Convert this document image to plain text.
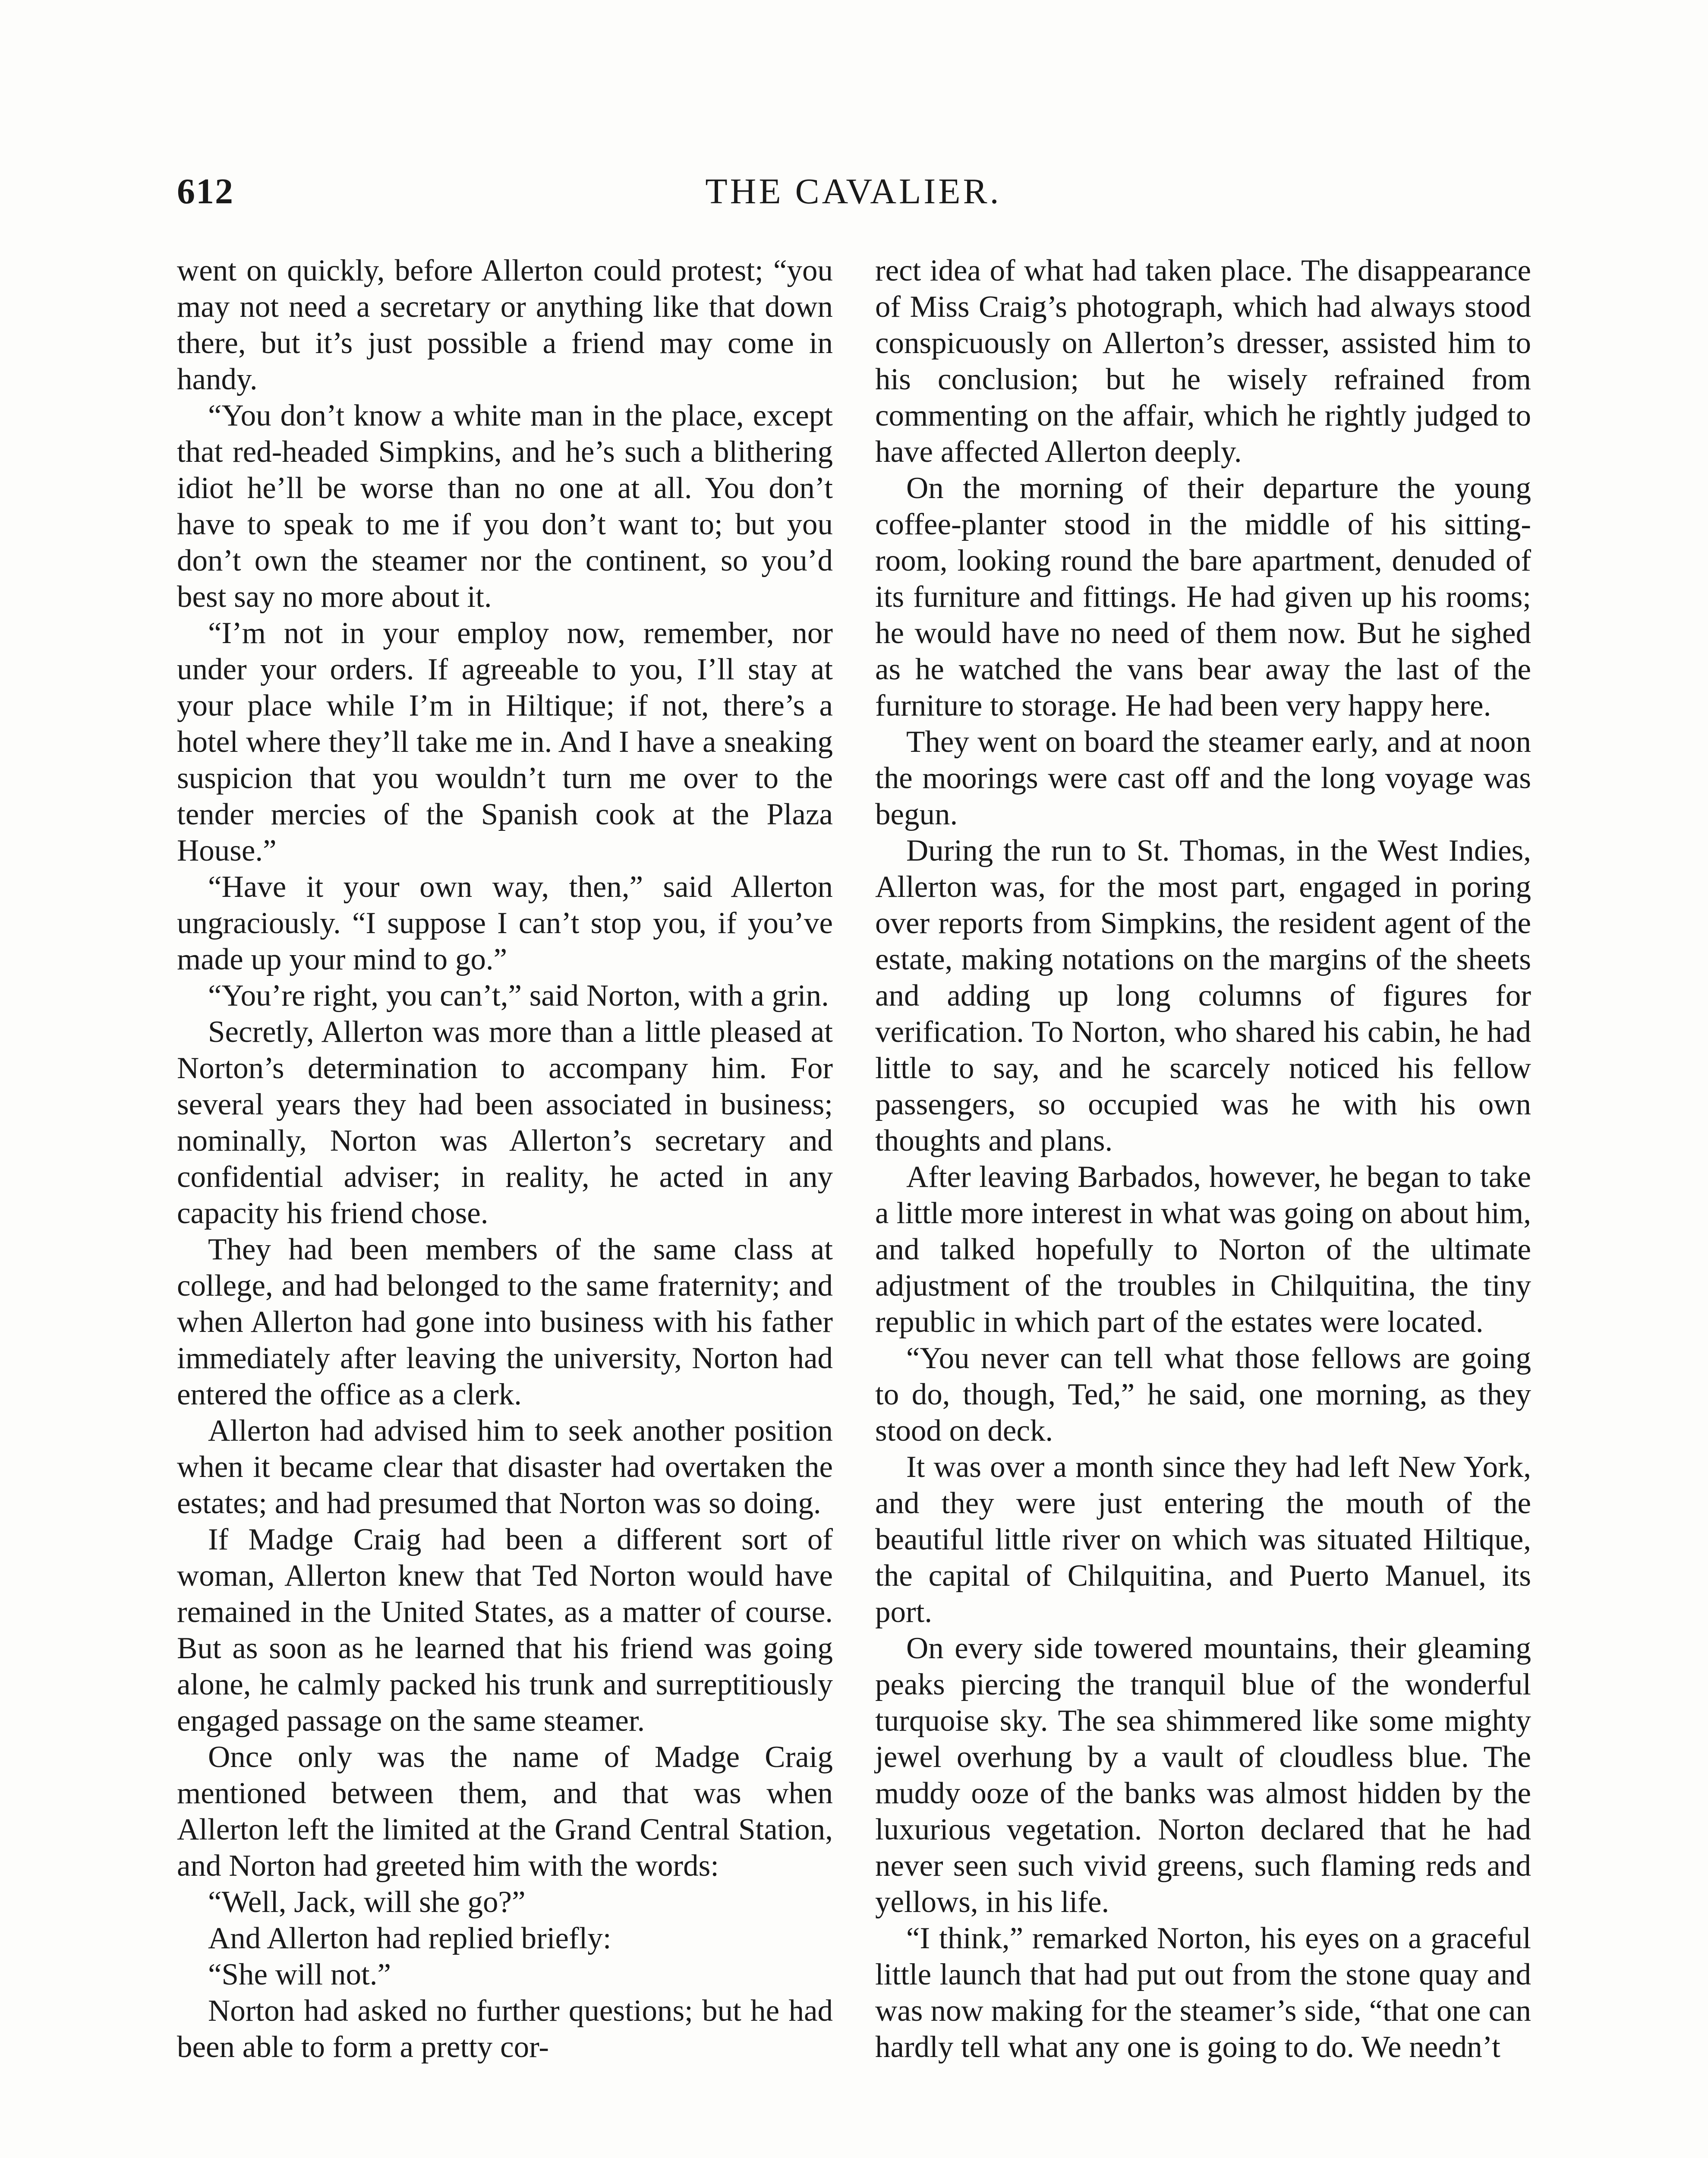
612	THE CAVALIER.

went on quickly, before Allerton could protest; “you may not need a secretary or anything like that down there, but it’s just possible a friend may come in handy.

“You don’t know a white man in the place, except that red-headed Simpkins, and he’s such a blithering idiot he’ll be worse than no one at all. You don’t have to speak to me if you don’t want to; but you don’t own the steamer nor the continent, so you’d best say no more about it.

“I’m not in your employ now, remember, nor under your orders. If agreeable to you, I’ll stay at your place while I’m in Hiltique; if not, there’s a hotel where they’ll take me in. And I have a sneaking suspicion that you wouldn’t turn me over to the tender mercies of the Spanish cook at the Plaza House.”

“Have it your own way, then,” said Allerton ungraciously. “I suppose I can’t stop you, if you’ve made up your mind to go.”

“You’re right, you can’t,” said Norton, with a grin.

Secretly, Allerton was more than a little pleased at Norton’s determination to accompany him. For several years they had been associated in business; nominally, Norton was Allerton’s secretary and confidential adviser; in reality, he acted in any capacity his friend chose.

They had been members of the same class at college, and had belonged to the same fraternity; and when Allerton had gone into business with his father immediately after leaving the university, Norton had entered the office as a clerk.

Allerton had advised him to seek another position when it became clear that disaster had overtaken the estates; and had presumed that Norton was so doing.

If Madge Craig had been a different sort of woman, Allerton knew that Ted Norton would have remained in the United States, as a matter of course. But as soon as he learned that his friend was going alone, he calmly packed his trunk and surreptitiously engaged passage on the same steamer.

Once only was the name of Madge Craig mentioned between them, and that was when Allerton left the limited at the Grand Central Station, and Norton had greeted him with the words:

“Well, Jack, will she go?”

And Allerton had replied briefly:

“She will not.”

Norton had asked no further questions; but he had been able to form a pretty cor-

rect idea of what had taken place. The disappearance of Miss Craig’s photograph, which had always stood conspicuously on Allerton’s dresser, assisted him to his conclusion; but he wisely refrained from commenting on the affair, which he rightly judged to have affected Allerton deeply.

On the morning of their departure the young coffee-planter stood in the middle of his sitting-room, looking round the bare apartment, denuded of its furniture and fittings. He had given up his rooms; he would have no need of them now. But he sighed as he watched the vans bear away the last of the furniture to storage. He had been very happy here.

They went on board the steamer early, and at noon the moorings were cast off and the long voyage was begun.

During the run to St. Thomas, in the West Indies, Allerton was, for the most part, engaged in poring over reports from Simpkins, the resident agent of the estate, making notations on the margins of the sheets and adding up long columns of figures for verification. To Norton, who shared his cabin, he had little to say, and he scarcely noticed his fellow passengers, so occupied was he with his own thoughts and plans.

After leaving Barbados, however, he began to take a little more interest in what was going on about him, and talked hopefully to Norton of the ultimate adjustment of the troubles in Chilquitina, the tiny republic in which part of the estates were located.

“You never can tell what those fellows are going to do, though, Ted,” he said, one morning, as they stood on deck.

It was over a month since they had left New York, and they were just entering the mouth of the beautiful little river on which was situated Hiltique, the capital of Chilquitina, and Puerto Manuel, its port.

On every side towered mountains, their gleaming peaks piercing the tranquil blue of the wonderful turquoise sky. The sea shimmered like some mighty jewel overhung by a vault of cloudless blue. The muddy ooze of the banks was almost hidden by the luxurious vegetation. Norton declared that he had never seen such vivid greens, such flaming reds and yellows, in his life.

“I think,” remarked Norton, his eyes on a graceful little launch that had put out from the stone quay and was now making for the steamer’s side, “that one can hardly tell what any one is going to do. We needn’t
